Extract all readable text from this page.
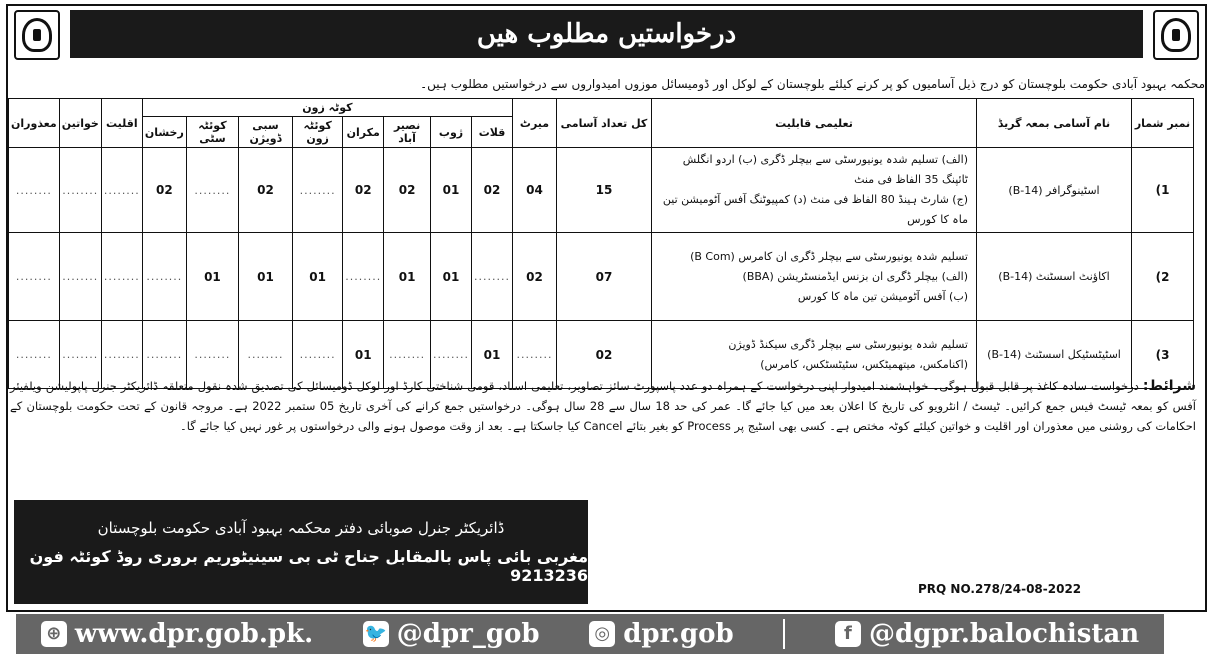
درخواستیں مطلوب ھیں
محکمہ بہبود آبادی حکومت بلوچستان کو درج ذیل آسامیوں کو پر کرنے کیلئے بلوچستان کے لوکل اور ڈومیسائل موزوں امیدواروں سے درخواستیں مطلوب ہیں۔
نمبر شمار	نام آسامی بمعہ گریڈ	تعلیمی قابلیت	کل تعداد آسامی	میرٹ	کوٹہ زون								اقلیت	خواتین	معذوران
					قلات	ژوب	نصیر آباد	مکران	کوئٹہ زون	سبی ڈویژن	کوئٹہ سٹی	رخشان			
1)	اسٹینوگرافر (B-14)	(الف) تسلیم شدہ یونیورسٹی سے بیچلر ڈگری (ب) اردو انگلش ٹائپنگ 35 الفاظ فی منٹ
(ج) شارٹ ہینڈ 80 الفاظ فی منٹ (د) کمپیوٹنگ آفس آٹومیشن تین ماہ کا کورس	15	04	02	01	02	02	........	02	........	02	........	........	........
2)	اکاؤنٹ اسسٹنٹ (B-14)	تسلیم شدہ یونیورسٹی سے بیچلر ڈگری ان کامرس (B Com)
(الف) بیچلر ڈگری ان بزنس ایڈمنسٹریشن (BBA)
(ب) آفس آٹومیشن تین ماہ کا کورس	07	02	........	01	01	........	01	01	01	........	........	........	........
3)	اسٹیٹسٹیکل اسسٹنٹ (B-14)	تسلیم شدہ یونیورسٹی سے بیچلر ڈگری سیکنڈ ڈویژن
(اکنامکس، میتھمیٹکس، سٹیٹسٹکس، کامرس)	02	........	01	........	........	01	........	........	........	........	........	........	........
شرائط: درخواست سادہ کاغذ پر قابل قبول ہوگی۔ خواہشمند امیدوار اپنی درخواست کے ہمراہ دو عدد پاسپورٹ سائز تصاویر، تعلیمی اسناد، قومی شناختی کارڈ اور لوکل ڈومیسائل کی تصدیق شدہ نقول متعلقہ ڈائریکٹر جنرل پاپولیشن ویلفیئر آفس کو بمعہ ٹیسٹ فیس جمع کرائیں۔ ٹیسٹ / انٹرویو کی تاریخ کا اعلان بعد میں کیا جائے گا۔ عمر کی حد 18 سال سے 28 سال ہوگی۔ درخواستیں جمع کرانے کی آخری تاریخ 05 ستمبر 2022 ہے۔ مروجہ قانون کے تحت حکومت بلوچستان کے احکامات کی روشنی میں معذوران اور اقلیت و خواتین کیلئے کوٹہ مختص ہے۔ کسی بھی اسٹیج پر Process کو بغیر بتائے Cancel کیا جاسکتا ہے۔ بعد از وقت موصول ہونے والی درخواستوں پر غور نہیں کیا جائے گا۔
ڈائریکٹر جنرل صوبائی دفتر محکمہ بہبود آبادی حکومت بلوچستان
مغربی بائی پاس بالمقابل جناح ٹی بی سینیٹوریم بروری روڈ کوئٹہ فون 9213236
PRQ NO.278/24-08-2022
⊕ www.dpr.gob.pk.	🐦 @dpr_gob	◎ dpr.gob	f @dgpr.balochistan
